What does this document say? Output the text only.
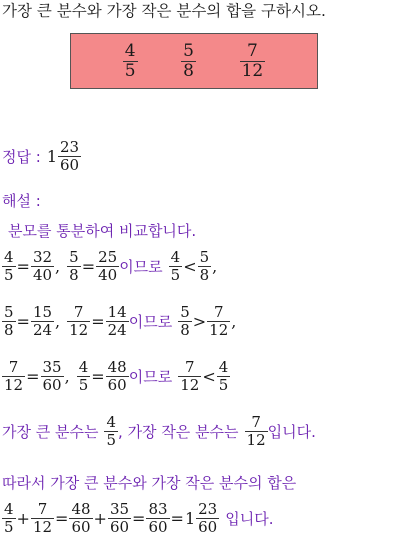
가장 큰 분수와 가장 작은 분수의 합을 구하시오.
$\frac{4}{5}$	$\frac{5}{8}$	$\frac{7}{12}$
정답 : $1 \frac{23}{60}$
해설 :
분모를 통분하여 비교합니다.
$\frac{4}{5} = \frac{32}{40}$ , $\frac{5}{8} = \frac{25}{40}$ 이므로 $\frac{4}{5} < \frac{5}{8}$ ,
$\frac{5}{8} = \frac{15}{24}$ , $\frac{7}{12} = \frac{14}{24}$ 이므로 $\frac{5}{8} > \frac{7}{12}$ ,
$\frac{7}{12} = \frac{35}{60}$ , $\frac{4}{5} = \frac{48}{60}$ 이므로 $\frac{7}{12} < \frac{4}{5}$
가장 큰 분수는 $\frac{4}{5}$ , 가장 작은 분수는 $\frac{7}{12}$ 입니다.
따라서 가장 큰 분수와 가장 작은 분수의 합은
$\frac{4}{5} + \frac{7}{12} = \frac{48}{60} + \frac{35}{60} = \frac{83}{60} = 1 \frac{23}{60}$ 입니다.
